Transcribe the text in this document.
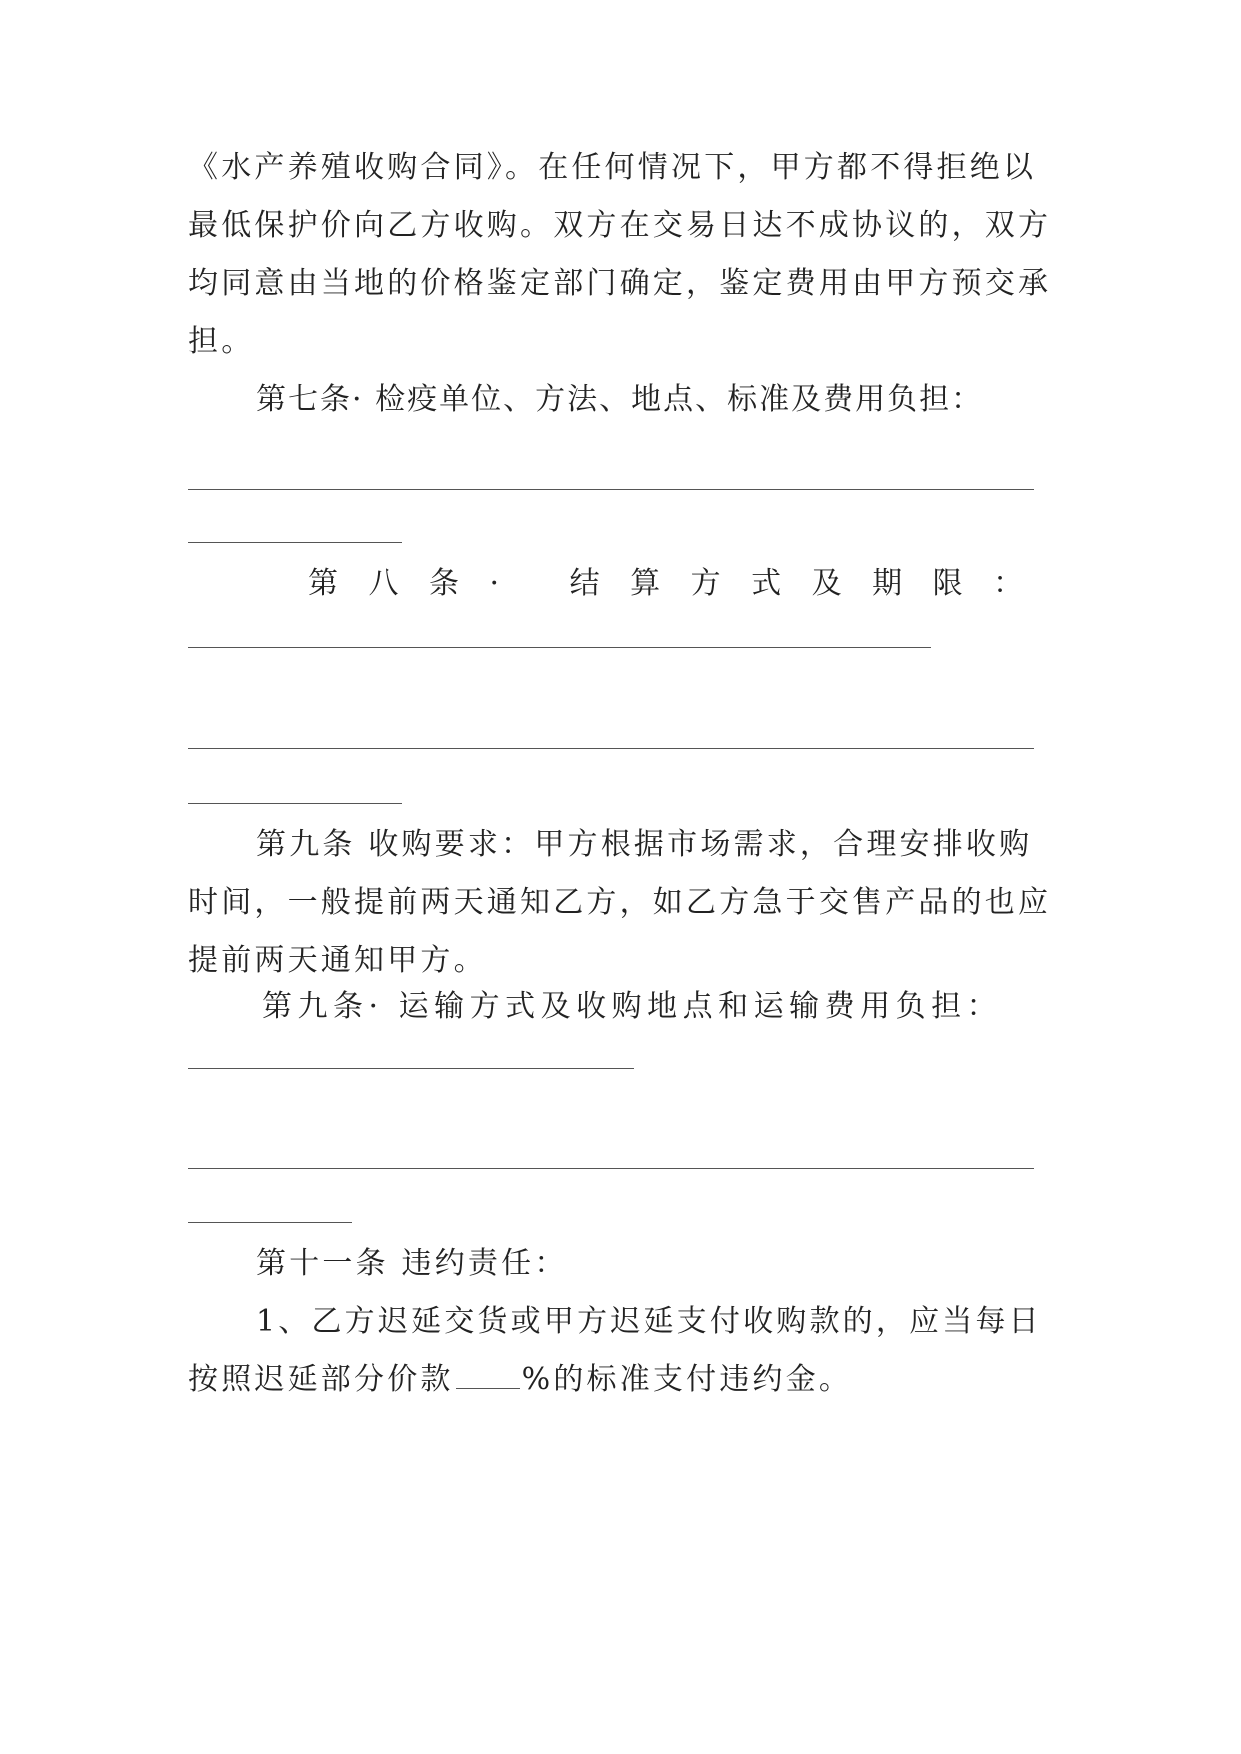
《水产养殖收购合同》。在任何情况下，甲方都不得拒绝以
最低保护价向乙方收购。双方在交易日达不成协议的，双方
均同意由当地的价格鉴定部门确定，鉴定费用由甲方预交承
担。
第七条· 检疫单位、方法、地点、标准及费用负担：
第八条· 结算方式及期限：
第九条 收购要求：甲方根据市场需求，合理安排收购
时间，一般提前两天通知乙方，如乙方急于交售产品的也应
提前两天通知甲方。
第九条· 运输方式及收购地点和运输费用负担：
第十一条 违约责任：
1、乙方迟延交货或甲方迟延支付收购款的，应当每日
按照迟延部分价款 %的标准支付违约金。
